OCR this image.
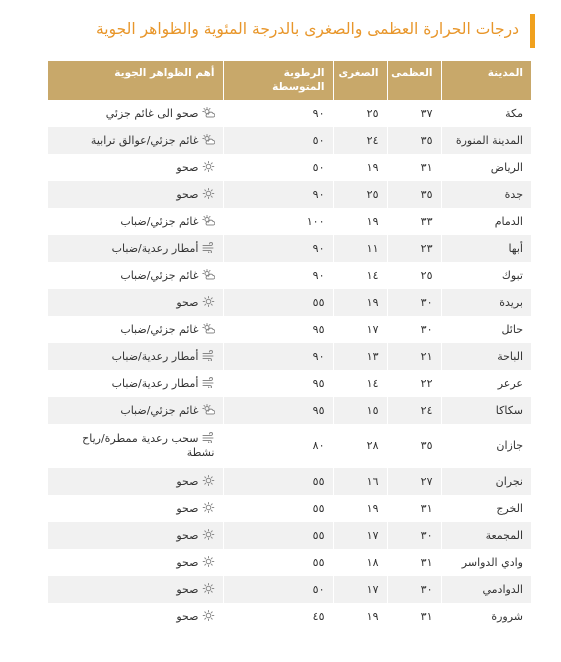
درجات الحرارة العظمى والصغرى بالدرجة المئوية والظواهر الجوية
المدينة	العظمى	الصغرى	الرطوبة المتوسطة	أهم الظواهر الجوية
مكة	٣٧	٢٥	٩٠	صحو الى غائم جزئي
المدينة المنورة	٣٥	٢٤	٥٠	غائم جزئي/عوالق ترابية
الرياض	٣١	١٩	٥٠	صحو
جدة	٣٥	٢٥	٩٠	صحو
الدمام	٣٣	١٩	١٠٠	غائم جزئي/ضباب
أبها	٢٣	١١	٩٠	أمطار رعدية/ضباب
تبوك	٢٥	١٤	٩٠	غائم جزئي/ضباب
بريدة	٣٠	١٩	٥٥	صحو
حائل	٣٠	١٧	٩٥	غائم جزئي/ضباب
الباحة	٢١	١٣	٩٠	أمطار رعدية/ضباب
عرعر	٢٢	١٤	٩٥	أمطار رعدية/ضباب
سكاكا	٢٤	١٥	٩٥	غائم جزئي/ضباب
جازان	٣٥	٢٨	٨٠	سحب رعدية ممطرة/رياح نشطة
نجران	٢٧	١٦	٥٥	صحو
الخرج	٣١	١٩	٥٥	صحو
المجمعة	٣٠	١٧	٥٥	صحو
وادي الدواسر	٣١	١٨	٥٥	صحو
الدوادمي	٣٠	١٧	٥٠	صحو
شرورة	٣١	١٩	٤٥	صحو
